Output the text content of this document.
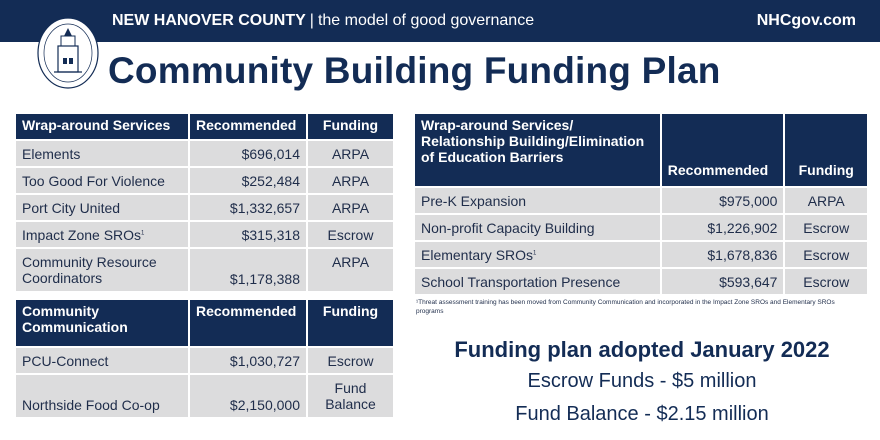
NEW HANOVER COUNTY | the model of good governance	NHCgov.com
Community Building Funding Plan
Wrap-around Services	Recommended	Funding
Elements	$696,014	ARPA
Too Good For Violence	$252,484	ARPA
Port City United	$1,332,657	ARPA
Impact Zone SROs$^1$	$315,318	Escrow
Community Resource Coordinators	$1,178,388	ARPA
Community Communication	Recommended	Funding
PCU-Connect	$1,030,727	Escrow
Northside Food Co-op	$2,150,000	Fund Balance
Wrap-around Services/ Relationship Building/Elimination of Education Barriers	Recommended	Funding
Pre-K Expansion	$975,000	ARPA
Non-profit Capacity Building	$1,226,902	Escrow
Elementary SROs$^1$	$1,678,836	Escrow
School Transportation Presence	$593,647	Escrow
¹Threat assessment training has been moved from Community Communication and incorporated in the Impact Zone SROs and Elementary SROs programs
Funding plan adopted January 2022
Escrow Funds - $5 million
Fund Balance - $2.15 million
